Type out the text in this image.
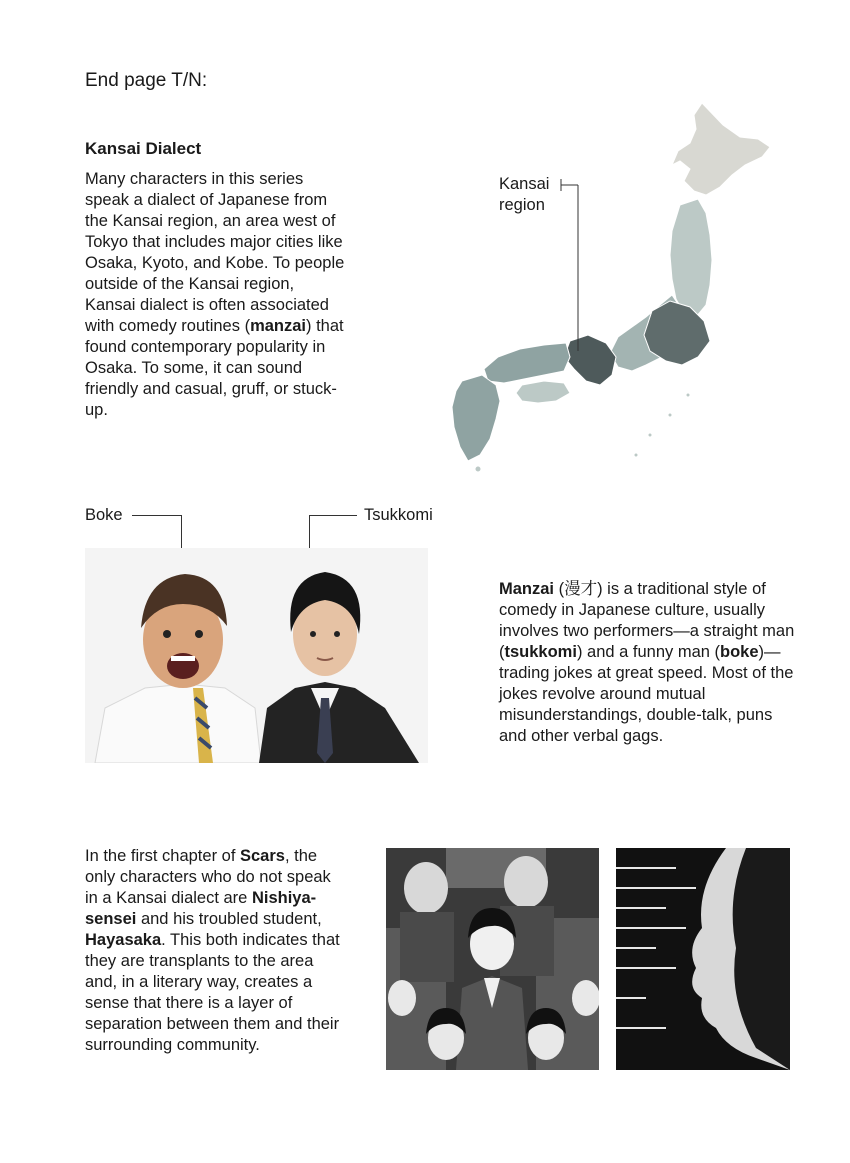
End page T/N:
Kansai Dialect
Many characters in this series speak a dialect of Japanese from the Kansai region, an area west of Tokyo that includes major cities like Osaka, Kyoto, and Kobe. To people outside of the Kansai region, Kansai dialect is often associated with comedy routines (manzai) that found contemporary popularity in Osaka. To some, it can sound friendly and casual, gruff, or stuck-up.
Kansai
region
Boke	Tsukkomi
Manzai (漫才) is a traditional style of comedy in Japanese culture, usually involves two performers—a straight man (tsukkomi) and a funny man (boke)—trading jokes at great speed. Most of the jokes revolve around mutual misunderstandings, double-talk, puns and other verbal gags.
In the first chapter of Scars, the only characters who do not speak in a Kansai dialect are Nishiya-sensei and his troubled student, Hayasaka. This both indicates that they are transplants to the area and, in a literary way, creates a sense that there is a layer of separation between them and their surrounding community.
